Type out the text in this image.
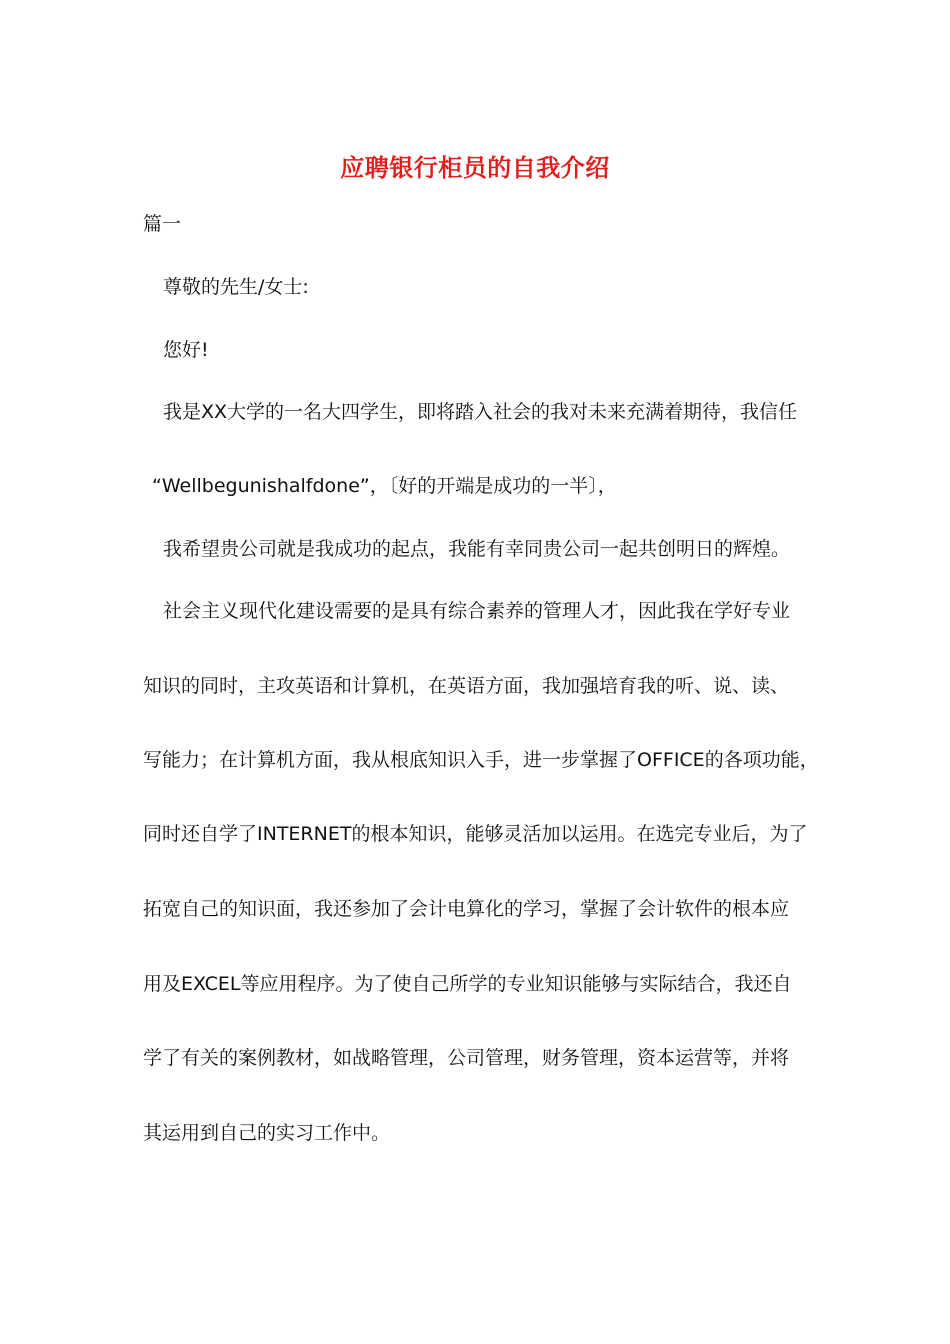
应聘银行柜员的自我介绍
篇一
尊敬的先生/女士:
您好!
我是XX大学的一名大四学生，即将踏入社会的我对未来充满着期待，我信任
“Wellbegunishalfdone”，〔好的开端是成功的一半〕，
我希望贵公司就是我成功的起点，我能有幸同贵公司一起共创明日的辉煌。
社会主义现代化建设需要的是具有综合素养的管理人才，因此我在学好专业
知识的同时，主攻英语和计算机，在英语方面，我加强培育我的听、说、读、
写能力；在计算机方面，我从根底知识入手，进一步掌握了OFFICE的各项功能，
同时还自学了INTERNET的根本知识，能够灵活加以运用。在选完专业后，为了
拓宽自己的知识面，我还参加了会计电算化的学习，掌握了会计软件的根本应
用及EXCEL等应用程序。为了使自己所学的专业知识能够与实际结合，我还自
学了有关的案例教材，如战略管理，公司管理，财务管理，资本运营等，并将
其运用到自己的实习工作中。
